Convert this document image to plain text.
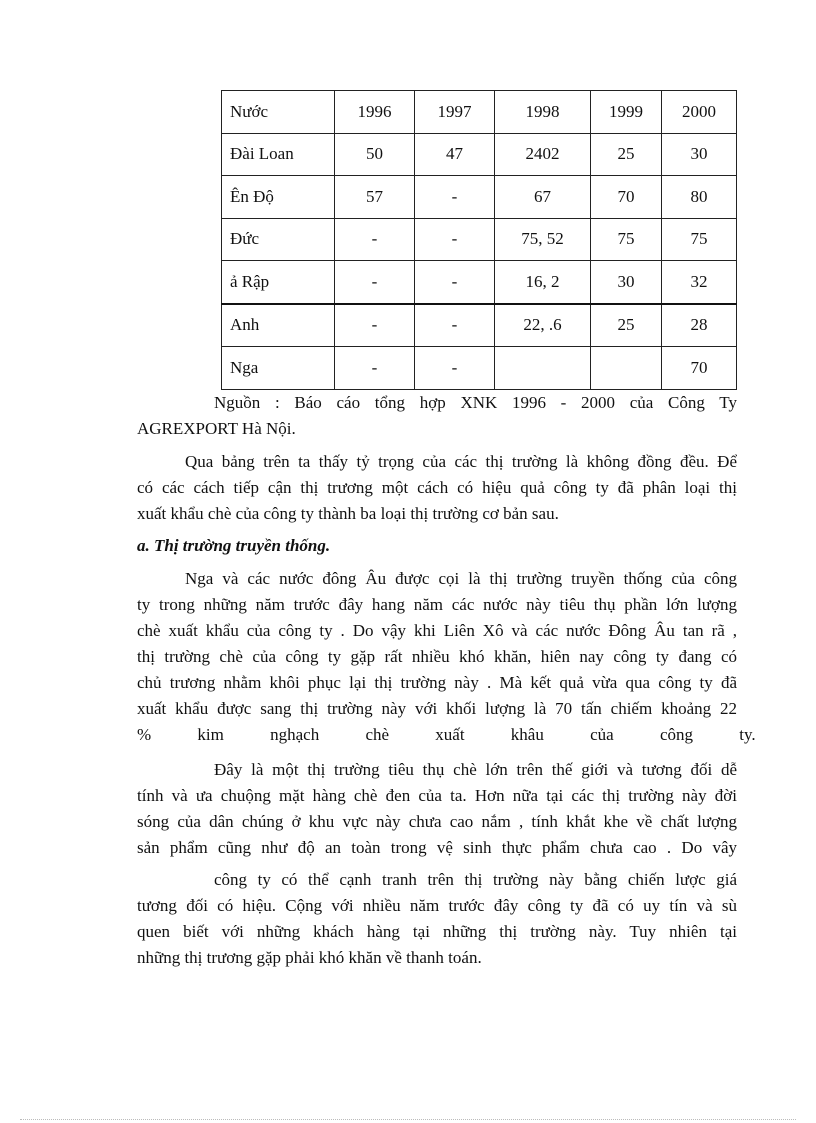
Nước	1996	1997	1998	1999	2000
Đài Loan	50	47	2402	25	30
Ên Độ	57	-	67	70	80
Đức	-	-	75, 52	75	75
ả Rập	-	-	16, 2	30	32
Anh	-	-	22, .6	25	28
Nga	-	-			70

Nguồn : Báo cáo tổng hợp XNK 1996 - 2000 của Công Ty
AGREXPORT Hà Nội.

Qua bảng trên ta thấy tỷ trọng của các thị trường là không đồng đều. Để
có các cách tiếp cận thị trương một cách có hiệu quả công ty đã phân loại thị
xuất khẩu chè của công ty thành ba loại thị trường cơ bản sau.

a. Thị trường truyền thống.

Nga và các nước đông Âu được cọi là thị trường truyền thống của công
ty trong những năm trước đây hang năm các nước này tiêu thụ phần lớn lượng
chè xuất khẩu của công ty . Do vậy khi Liên Xô và các nước Đông Âu tan rã ,
thị trường chè của công ty gặp rất nhiều khó khăn, hiên nay công ty đang có
chủ trương nhằm khôi phục lại thị trường này . Mà kết quả vừa qua công ty đã
xuất khẩu được sang thị trường này với khối lượng là 70 tấn chiếm khoảng 22
% kim nghạch chè xuất khâu của công ty.

Đây là một thị trường tiêu thụ chè lớn trên thế giới và tương đối dễ
tính và ưa chuộng mặt hàng chè đen của ta. Hơn nữa tại các thị trường này đời
sóng của dân chúng ở khu vực này chưa cao nắm , tính khắt khe về chất lượng
sản phẩm cũng như độ an toàn trong vệ sinh thực phẩm chưa cao . Do vây

công ty có thể cạnh tranh trên thị trường này bằng chiến lược giá
tương đối có hiệu. Cộng với nhiều năm trước đây công ty đã có uy tín và sù
quen biết với những khách hàng tại những thị trường này. Tuy nhiên tại
những thị trương gặp phải khó khăn về thanh toán.
